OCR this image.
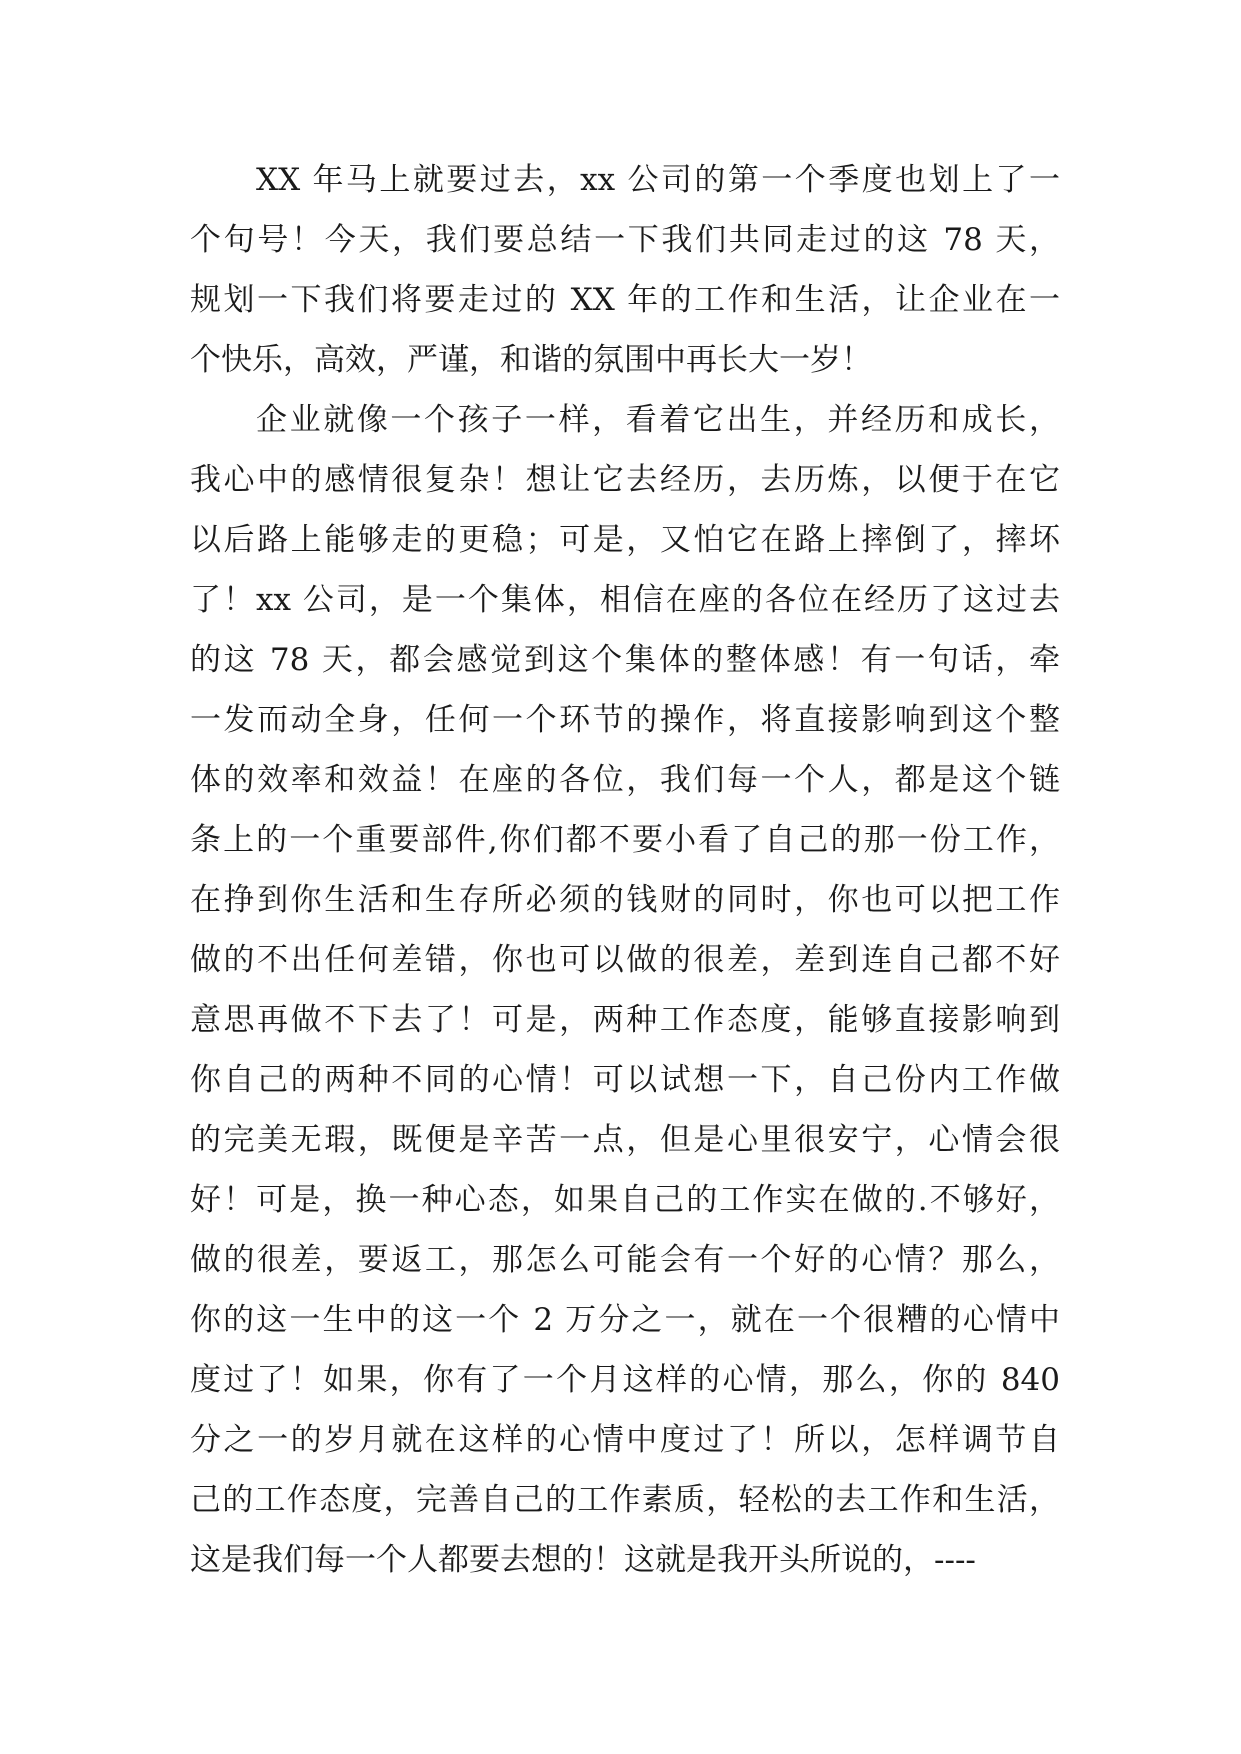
XX 年马上就要过去，xx 公司的第一个季度也划上了一
个句号！今天，我们要总结一下我们共同走过的这 78 天，
规划一下我们将要走过的 XX 年的工作和生活，让企业在一
个快乐，高效，严谨，和谐的氛围中再长大一岁！
企业就像一个孩子一样，看着它出生，并经历和成长，
我心中的感情很复杂！想让它去经历，去历炼，以便于在它
以后路上能够走的更稳；可是，又怕它在路上摔倒了，摔坏
了！xx 公司，是一个集体，相信在座的各位在经历了这过去
的这 78 天，都会感觉到这个集体的整体感！有一句话，牵
一发而动全身，任何一个环节的操作，将直接影响到这个整
体的效率和效益！在座的各位，我们每一个人，都是这个链
条上的一个重要部件,你们都不要小看了自己的那一份工作，
在挣到你生活和生存所必须的钱财的同时，你也可以把工作
做的不出任何差错，你也可以做的很差，差到连自己都不好
意思再做不下去了！可是，两种工作态度，能够直接影响到
你自己的两种不同的心情！可以试想一下，自己份内工作做
的完美无瑕，既便是辛苦一点，但是心里很安宁，心情会很
好！可是，换一种心态，如果自己的工作实在做的.不够好，
做的很差，要返工，那怎么可能会有一个好的心情？那么，
你的这一生中的这一个 2 万分之一，就在一个很糟的心情中
度过了！如果，你有了一个月这样的心情，那么，你的 840
分之一的岁月就在这样的心情中度过了！所以，怎样调节自
己的工作态度，完善自己的工作素质，轻松的去工作和生活，
这是我们每一个人都要去想的！这就是我开头所说的，----
